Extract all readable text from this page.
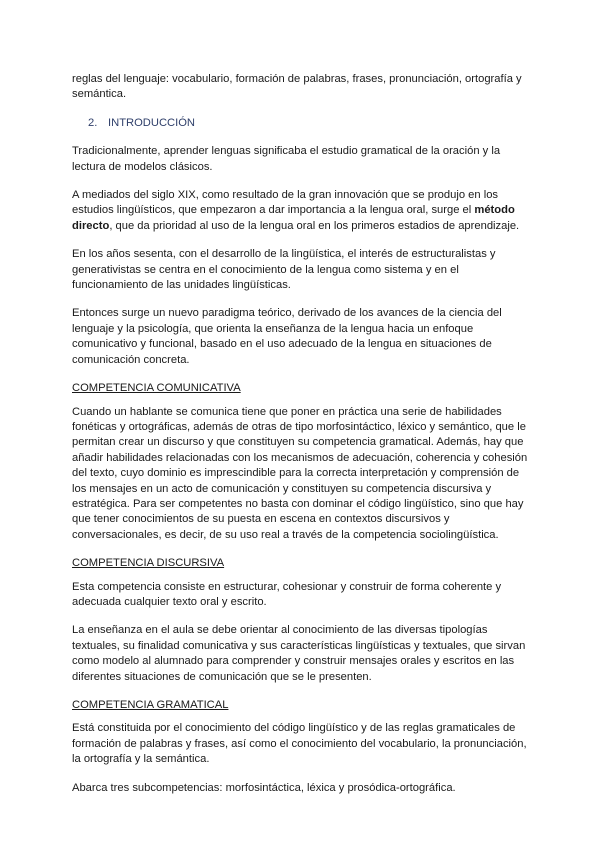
reglas del lenguaje: vocabulario, formación de palabras, frases, pronunciación, ortografía y semántica.

2. INTRODUCCIÓN

Tradicionalmente, aprender lenguas significaba el estudio gramatical de la oración y la lectura de modelos clásicos.

A mediados del siglo XIX, como resultado de la gran innovación que se produjo en los estudios lingüísticos, que empezaron a dar importancia a la lengua oral, surge el método directo, que da prioridad al uso de la lengua oral en los primeros estadios de aprendizaje.

En los años sesenta, con el desarrollo de la lingüística, el interés de estructuralistas y generativistas se centra en el conocimiento de la lengua como sistema y en el funcionamiento de las unidades lingüísticas.

Entonces surge un nuevo paradigma teórico, derivado de los avances de la ciencia del lenguaje y la psicología, que orienta la enseñanza de la lengua hacia un enfoque comunicativo y funcional, basado en el uso adecuado de la lengua en situaciones de comunicación concreta.

COMPETENCIA COMUNICATIVA

Cuando un hablante se comunica tiene que poner en práctica una serie de habilidades fonéticas y ortográficas, además de otras de tipo morfosintáctico, léxico y semántico, que le permitan crear un discurso y que constituyen su competencia gramatical. Además, hay que añadir habilidades relacionadas con los mecanismos de adecuación, coherencia y cohesión del texto, cuyo dominio es imprescindible para la correcta interpretación y comprensión de los mensajes en un acto de comunicación y constituyen su competencia discursiva y estratégica. Para ser competentes no basta con dominar el código lingüístico, sino que hay que tener conocimientos de su puesta en escena en contextos discursivos y conversacionales, es decir, de su uso real a través de la competencia sociolingüística.

COMPETENCIA DISCURSIVA

Esta competencia consiste en estructurar, cohesionar y construir de forma coherente y adecuada cualquier texto oral y escrito.

La enseñanza en el aula se debe orientar al conocimiento de las diversas tipologías textuales, su finalidad comunicativa y sus características lingüísticas y textuales, que sirvan como modelo al alumnado para comprender y construir mensajes orales y escritos en las diferentes situaciones de comunicación que se le presenten.

COMPETENCIA GRAMATICAL

Está constituida por el conocimiento del código lingüístico y de las reglas gramaticales de formación de palabras y frases, así como el conocimiento del vocabulario, la pronunciación, la ortografía y la semántica.

Abarca tres subcompetencias: morfosintáctica, léxica y prosódica-ortográfica.
